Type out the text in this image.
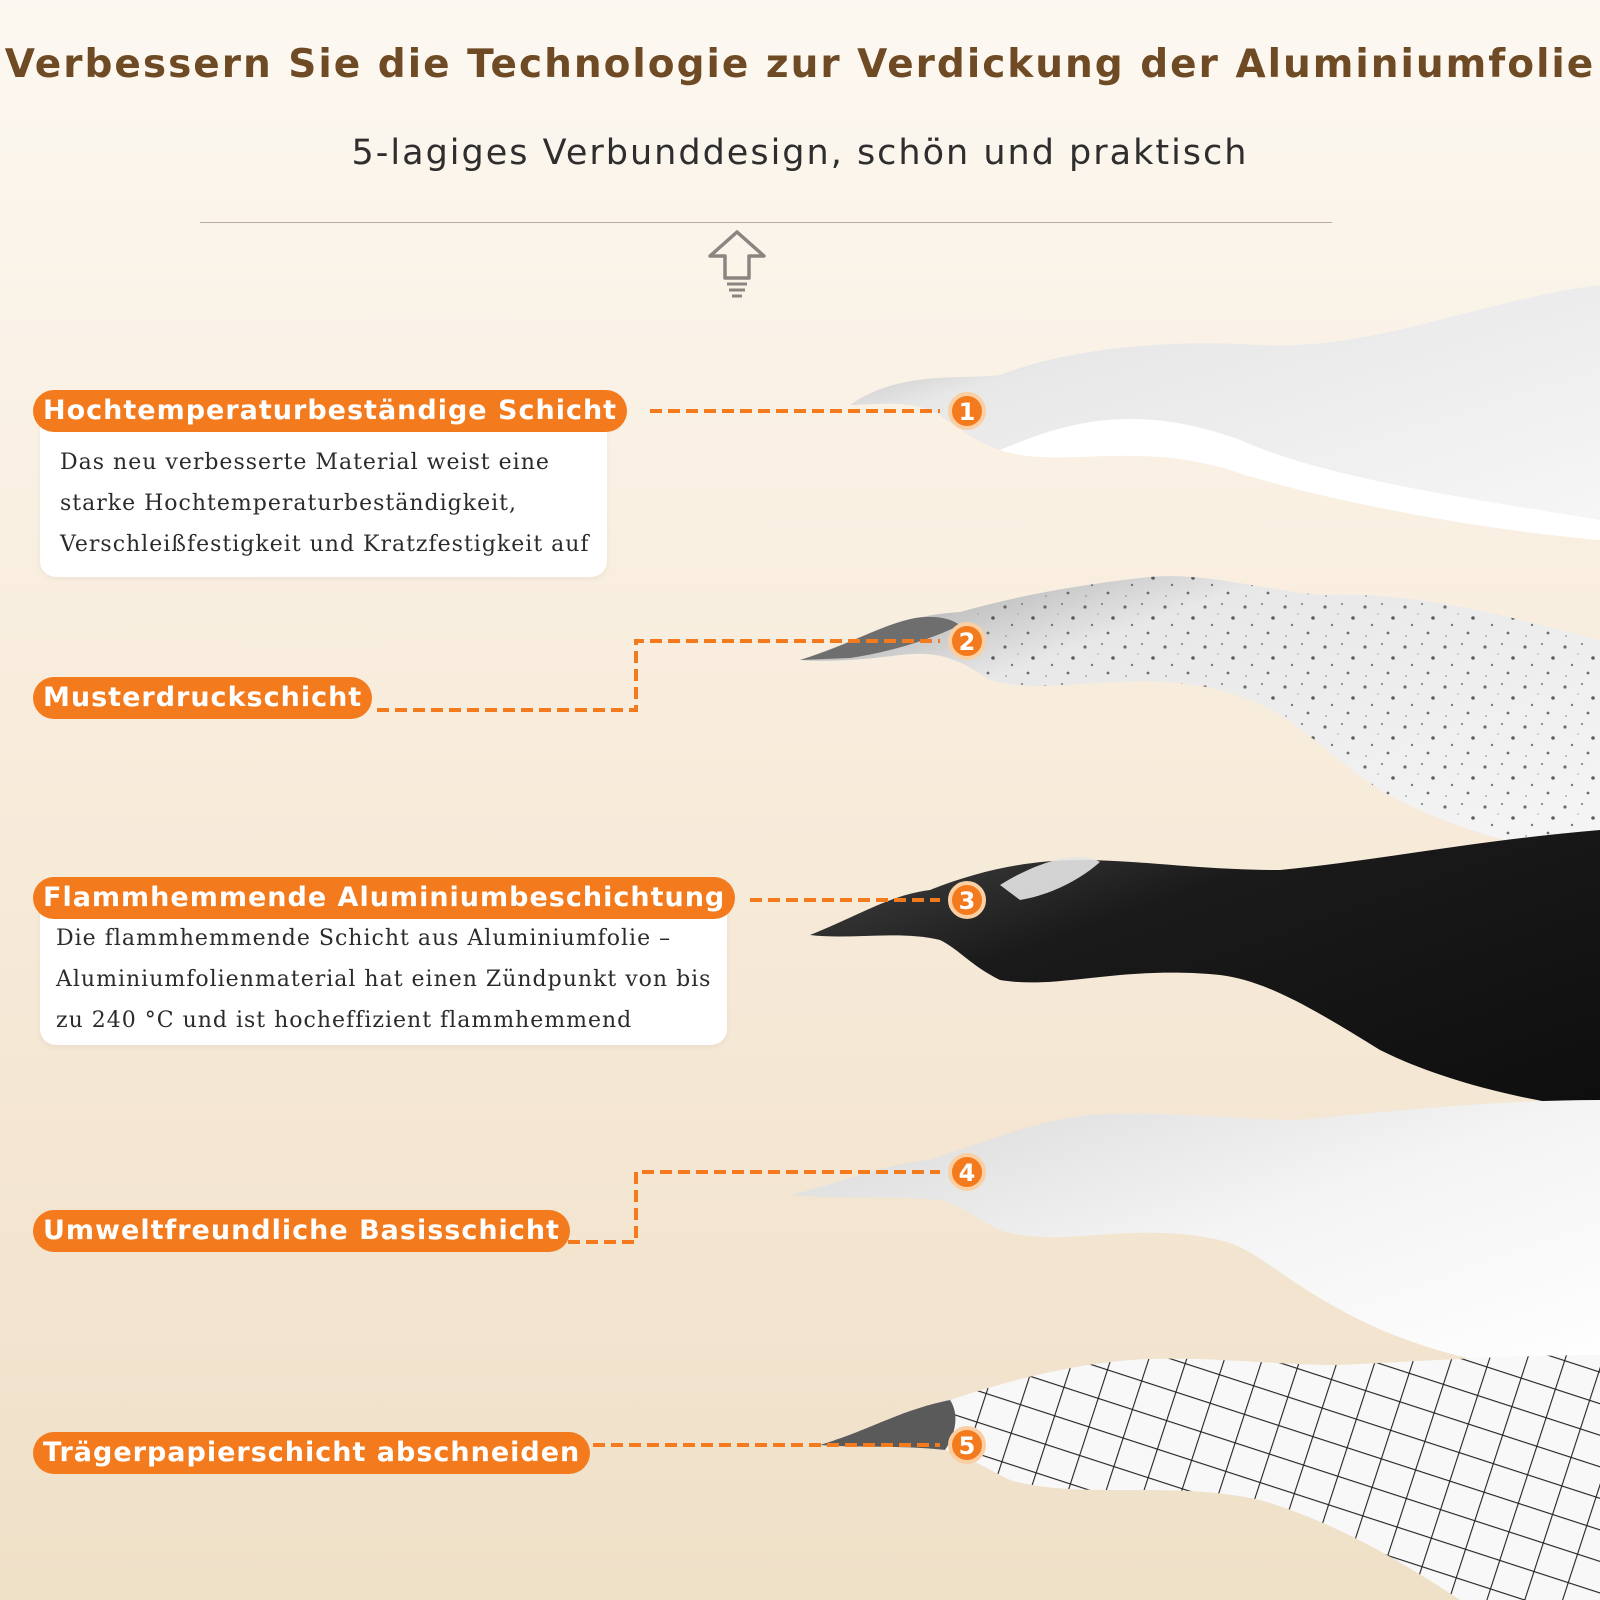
Verbessern Sie die Technologie zur Verdickung der Aluminiumfolie
5-lagiges Verbunddesign, schön und praktisch
1
2
3
4
5
Das neu verbesserte Material weist eine
starke Hochtemperaturbeständigkeit,
Verschleißfestigkeit und Kratzfestigkeit auf
Hochtemperaturbeständige Schicht
Musterdruckschicht
Die flammhemmende Schicht aus Aluminiumfolie –
Aluminiumfolienmaterial hat einen Zündpunkt von bis
zu 240 °C und ist hocheffizient flammhemmend
Flammhemmende Aluminiumbeschichtung
Umweltfreundliche Basisschicht
Trägerpapierschicht abschneiden
